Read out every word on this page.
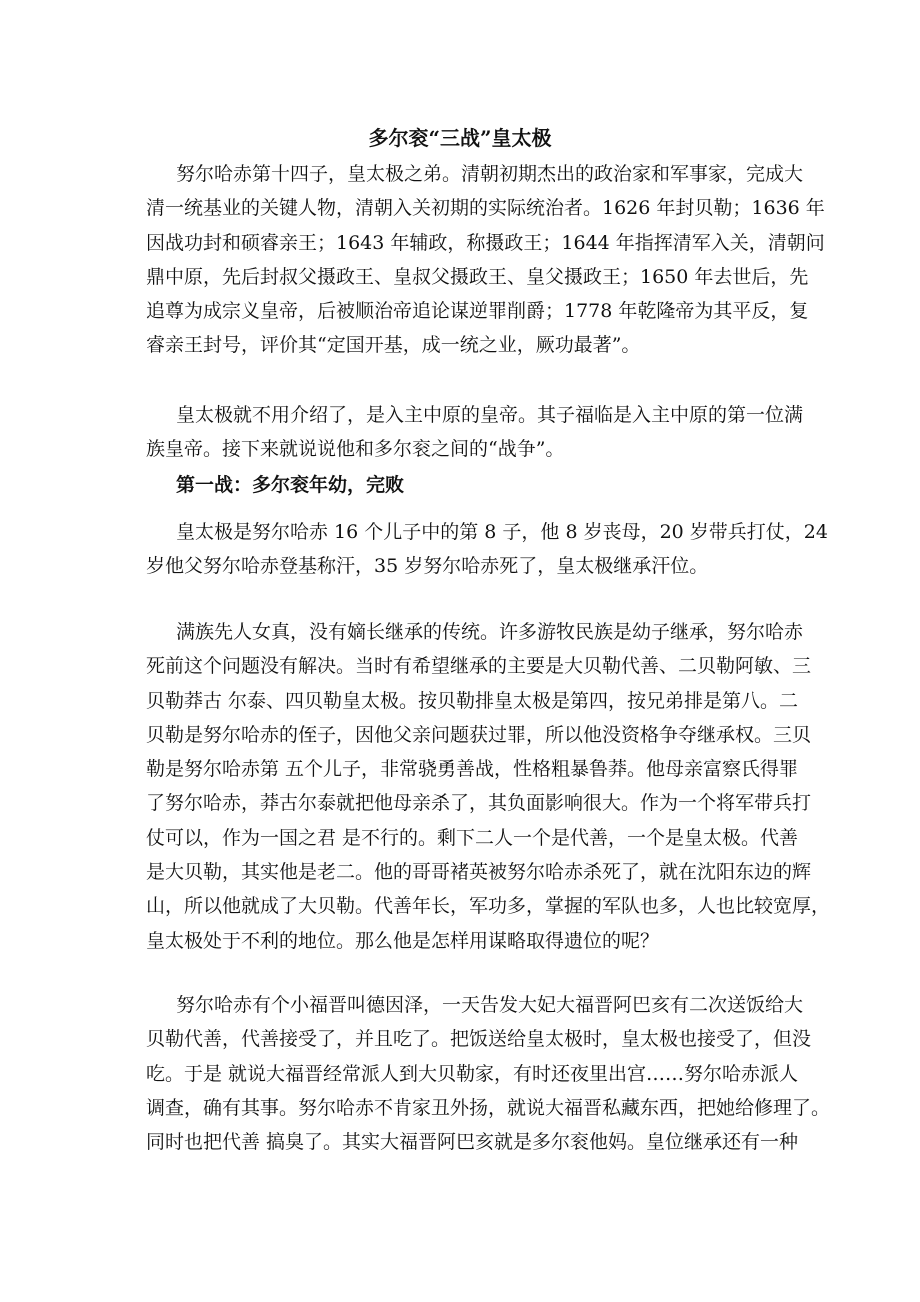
多尔衮“三战”皇太极
努尔哈赤第十四子，皇太极之弟。清朝初期杰出的政治家和军事家，完成大
清一统基业的关键人物，清朝入关初期的实际统治者。1626 年封贝勒；1636 年
因战功封和硕睿亲王；1643 年辅政，称摄政王；1644 年指挥清军入关，清朝问
鼎中原，先后封叔父摄政王、皇叔父摄政王、皇父摄政王；1650 年去世后，先
追尊为成宗义皇帝，后被顺治帝追论谋逆罪削爵；1778 年乾隆帝为其平反，复
睿亲王封号，评价其“定国开基，成一统之业，厥功最著”。
皇太极就不用介绍了，是入主中原的皇帝。其子福临是入主中原的第一位满
族皇帝。接下来就说说他和多尔衮之间的“战争”。
第一战：多尔衮年幼，完败
皇太极是努尔哈赤 16 个儿子中的第 8 子，他 8 岁丧母，20 岁带兵打仗，24
岁他父努尔哈赤登基称汗，35 岁努尔哈赤死了，皇太极继承汗位。
满族先人女真，没有嫡长继承的传统。许多游牧民族是幼子继承，努尔哈赤
死前这个问题没有解决。当时有希望继承的主要是大贝勒代善、二贝勒阿敏、三
贝勒莽古 尔泰、四贝勒皇太极。按贝勒排皇太极是第四，按兄弟排是第八。二
贝勒是努尔哈赤的侄子，因他父亲问题获过罪，所以他没资格争夺继承权。三贝
勒是努尔哈赤第 五个儿子，非常骁勇善战，性格粗暴鲁莽。他母亲富察氏得罪
了努尔哈赤，莽古尔泰就把他母亲杀了，其负面影响很大。作为一个将军带兵打
仗可以，作为一国之君 是不行的。剩下二人一个是代善，一个是皇太极。代善
是大贝勒，其实他是老二。他的哥哥褚英被努尔哈赤杀死了，就在沈阳东边的辉
山，所以他就成了大贝勒。代善年长，军功多，掌握的军队也多，人也比较宽厚，
皇太极处于不利的地位。那么他是怎样用谋略取得遗位的呢？
努尔哈赤有个小福晋叫德因泽，一天告发大妃大福晋阿巴亥有二次送饭给大
贝勒代善，代善接受了，并且吃了。把饭送给皇太极时，皇太极也接受了，但没
吃。于是 就说大福晋经常派人到大贝勒家，有时还夜里出宫……努尔哈赤派人
调查，确有其事。努尔哈赤不肯家丑外扬，就说大福晋私藏东西，把她给修理了。
同时也把代善 搞臭了。其实大福晋阿巴亥就是多尔衮他妈。皇位继承还有一种
